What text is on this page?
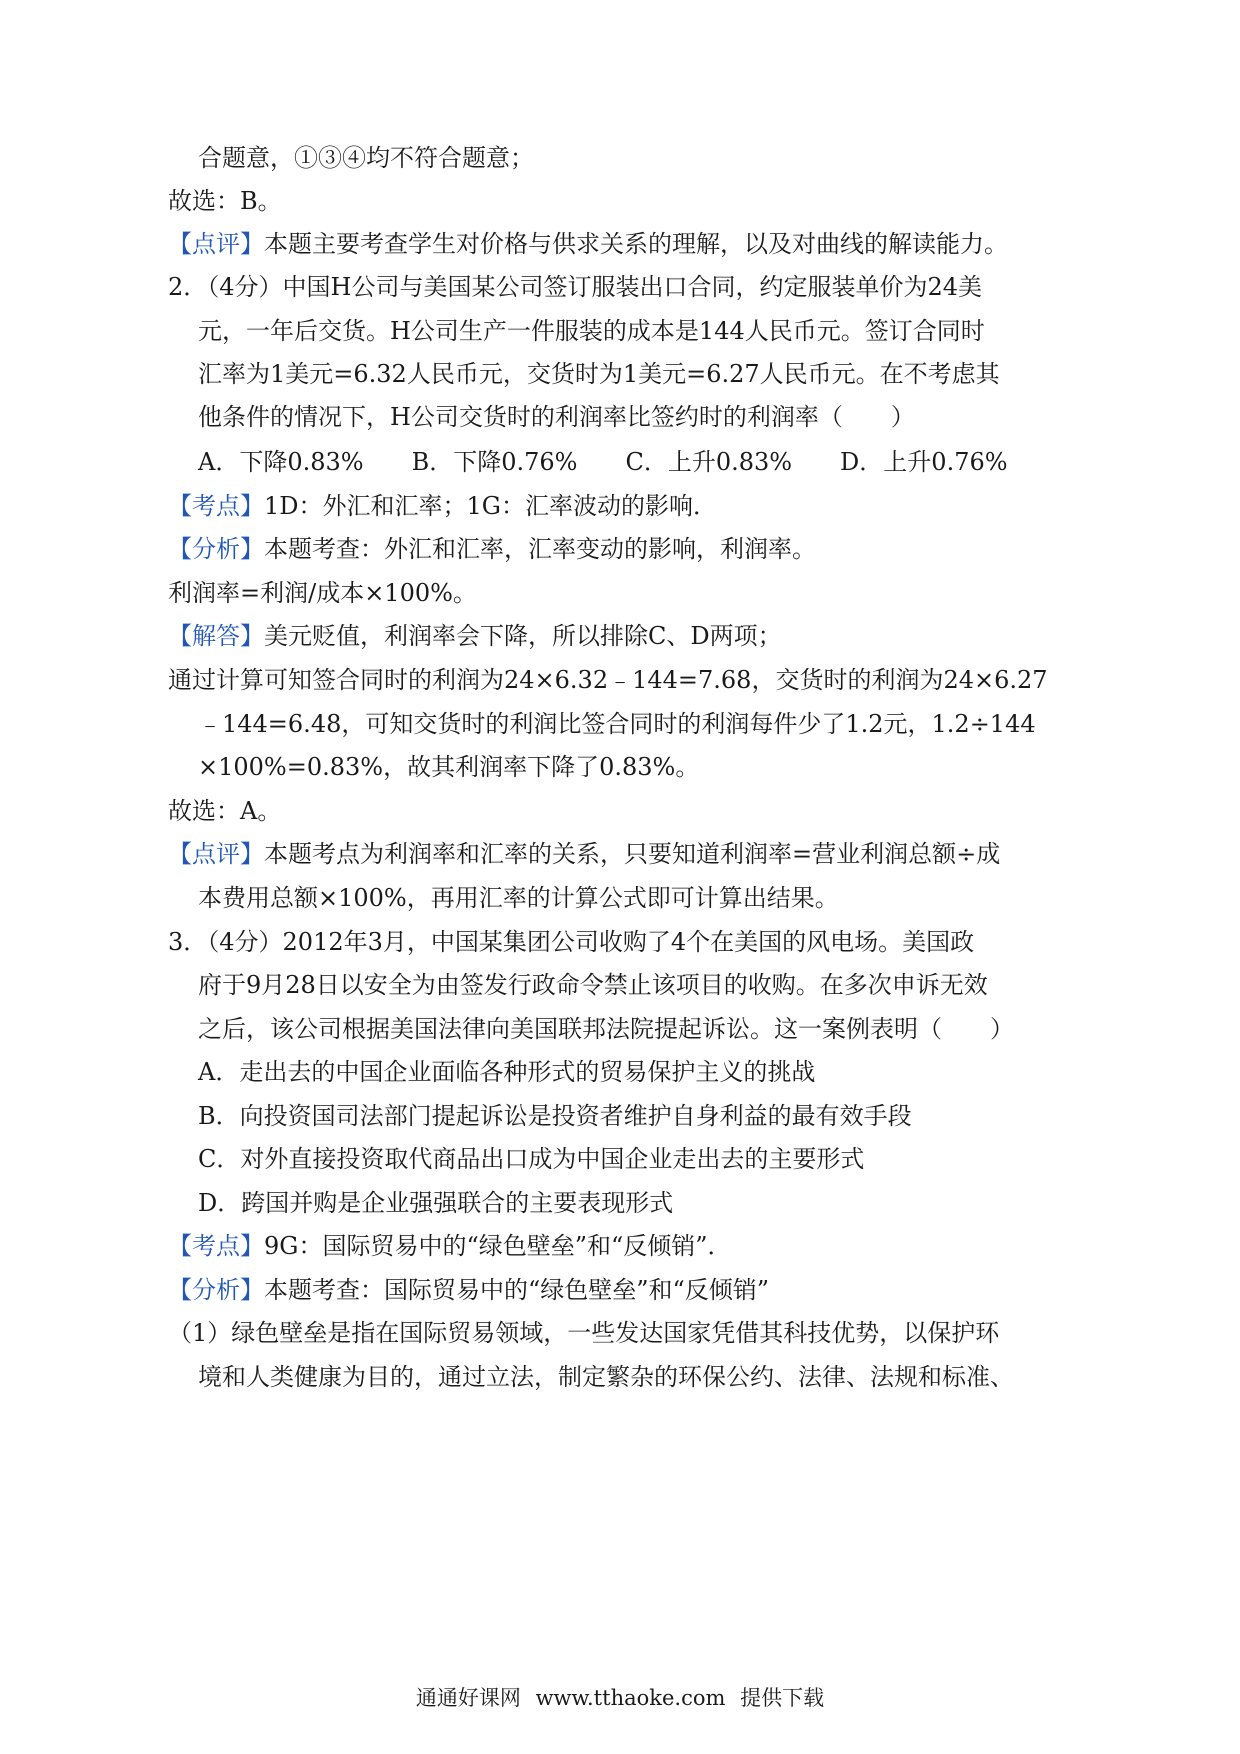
合题意，①③④均不符合题意；
故选：B。
【点评】本题主要考查学生对价格与供求关系的理解，以及对曲线的解读能力。
2．（4分）中国H公司与美国某公司签订服装出口合同，约定服装单价为24美
元，一年后交货。H公司生产一件服装的成本是144人民币元。签订合同时
汇率为1美元=6.32人民币元，交货时为1美元=6.27人民币元。在不考虑其
他条件的情况下，H公司交货时的利润率比签约时的利润率（　　）
A．下降0.83%　　B．下降0.76%　　C．上升0.83%　　D．上升0.76%
【考点】1D：外汇和汇率；1G：汇率波动的影响．
【分析】本题考查：外汇和汇率，汇率变动的影响，利润率。
利润率=利润/成本×100%。
【解答】美元贬值，利润率会下降，所以排除C、D两项；
通过计算可知签合同时的利润为24×6.32﹣144=7.68，交货时的利润为24×6.27
﹣144=6.48，可知交货时的利润比签合同时的利润每件少了1.2元，1.2÷144
×100%=0.83%，故其利润率下降了0.83%。
故选：A。
【点评】本题考点为利润率和汇率的关系，只要知道利润率=营业利润总额÷成
本费用总额×100%，再用汇率的计算公式即可计算出结果。
3．（4分）2012年3月，中国某集团公司收购了4个在美国的风电场。美国政
府于9月28日以安全为由签发行政命令禁止该项目的收购。在多次申诉无效
之后，该公司根据美国法律向美国联邦法院提起诉讼。这一案例表明（　　）
A．走出去的中国企业面临各种形式的贸易保护主义的挑战
B．向投资国司法部门提起诉讼是投资者维护自身利益的最有效手段
C．对外直接投资取代商品出口成为中国企业走出去的主要形式
D．跨国并购是企业强强联合的主要表现形式
【考点】9G：国际贸易中的“绿色壁垒”和“反倾销”．
【分析】本题考查：国际贸易中的“绿色壁垒”和“反倾销”
（1）绿色壁垒是指在国际贸易领域，一些发达国家凭借其科技优势，以保护环
境和人类健康为目的，通过立法，制定繁杂的环保公约、法律、法规和标准、
通通好课网 www.tthaoke.com 提供下载
